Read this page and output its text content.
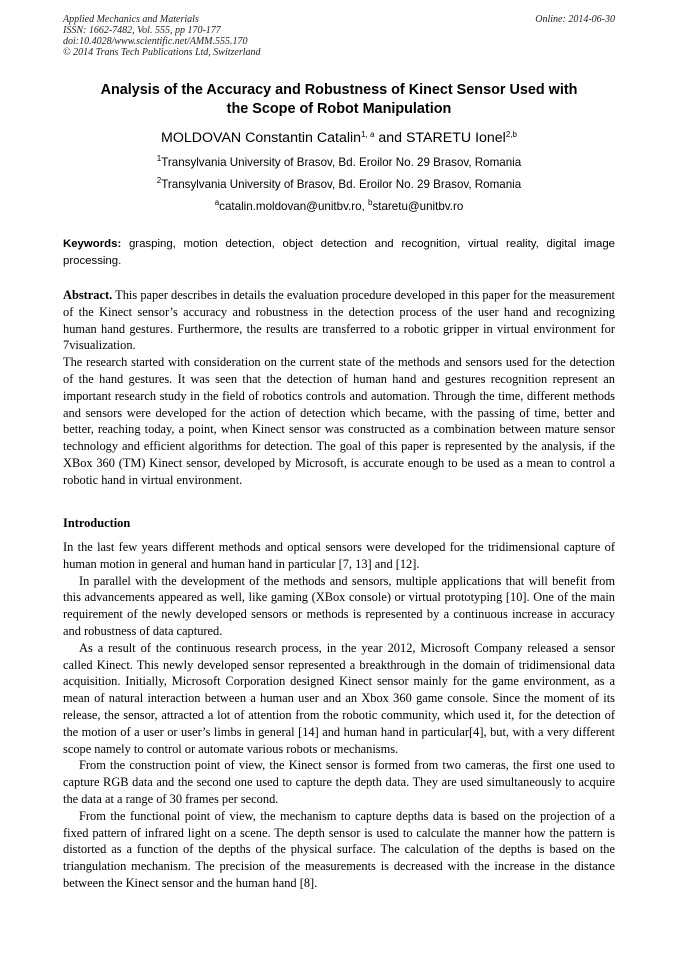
Applied Mechanics and Materials
ISSN: 1662-7482, Vol. 555, pp 170-177
doi:10.4028/www.scientific.net/AMM.555.170
© 2014 Trans Tech Publications Ltd, Switzerland
Online: 2014-06-30
Analysis of the Accuracy and Robustness of Kinect Sensor Used with
the Scope of Robot Manipulation
MOLDOVAN Constantin Catalin$^{1, a}$ and STARETU Ionel$^{2,b}$
$^1$Transylvania University of Brasov, Bd. Eroilor No. 29 Brasov, Romania
$^2$Transylvania University of Brasov, Bd. Eroilor No. 29 Brasov, Romania
$^a$catalin.moldovan@unitbv.ro, $^b$staretu@unitbv.ro
Keywords: grasping, motion detection, object detection and recognition, virtual reality, digital image processing.

Abstract. This paper describes in details the evaluation procedure developed in this paper for the measurement of the Kinect sensor’s accuracy and robustness in the detection process of the user hand and recognizing human hand gestures. Furthermore, the results are transferred to a robotic gripper in virtual environment for 7visualization.

The research started with consideration on the current state of the methods and sensors used for the detection of the hand gestures. It was seen that the detection of human hand and gestures recognition represent an important research study in the field of robotics controls and automation. Through the time, different methods and sensors were developed for the action of detection which became, with the passing of time, better and better, reaching today, a point, when Kinect sensor was constructed as a combination between mature sensor technology and efficient algorithms for detection. The goal of this paper is represented by the analysis, if the XBox 360 (TM) Kinect sensor, developed by Microsoft, is accurate enough to be used as a mean to control a robotic hand in virtual environment.

Introduction

In the last few years different methods and optical sensors were developed for the tridimensional capture of human motion in general and human hand in particular [7, 13] and [12].

In parallel with the development of the methods and sensors, multiple applications that will benefit from this advancements appeared as well, like gaming (XBox console) or virtual prototyping [10]. One of the main requirement of the newly developed sensors or methods is represented by a continuous increase in accuracy and robustness of data captured.

As a result of the continuous research process, in the year 2012, Microsoft Company released a sensor called Kinect. This newly developed sensor represented a breakthrough in the domain of tridimensional data acquisition. Initially, Microsoft Corporation designed Kinect sensor mainly for the game environment, as a mean of natural interaction between a human user and an Xbox 360 game console. Since the moment of its release, the sensor, attracted a lot of attention from the robotic community, which used it, for the detection of the motion of a user or user’s limbs in general [14] and human hand in particular[4], but, with a very different scope namely to control or automate various robots or mechanisms.

From the construction point of view, the Kinect sensor is formed from two cameras, the first one used to capture RGB data and the second one used to capture the depth data. They are used simultaneously to acquire the data at a range of 30 frames per second.

From the functional point of view, the mechanism to capture depths data is based on the projection of a fixed pattern of infrared light on a scene. The depth sensor is used to calculate the manner how the pattern is distorted as a function of the depths of the physical surface. The calculation of the depths is based on the triangulation mechanism. The precision of the measurements is decreased with the increase in the distance between the Kinect sensor and the human hand [8].
